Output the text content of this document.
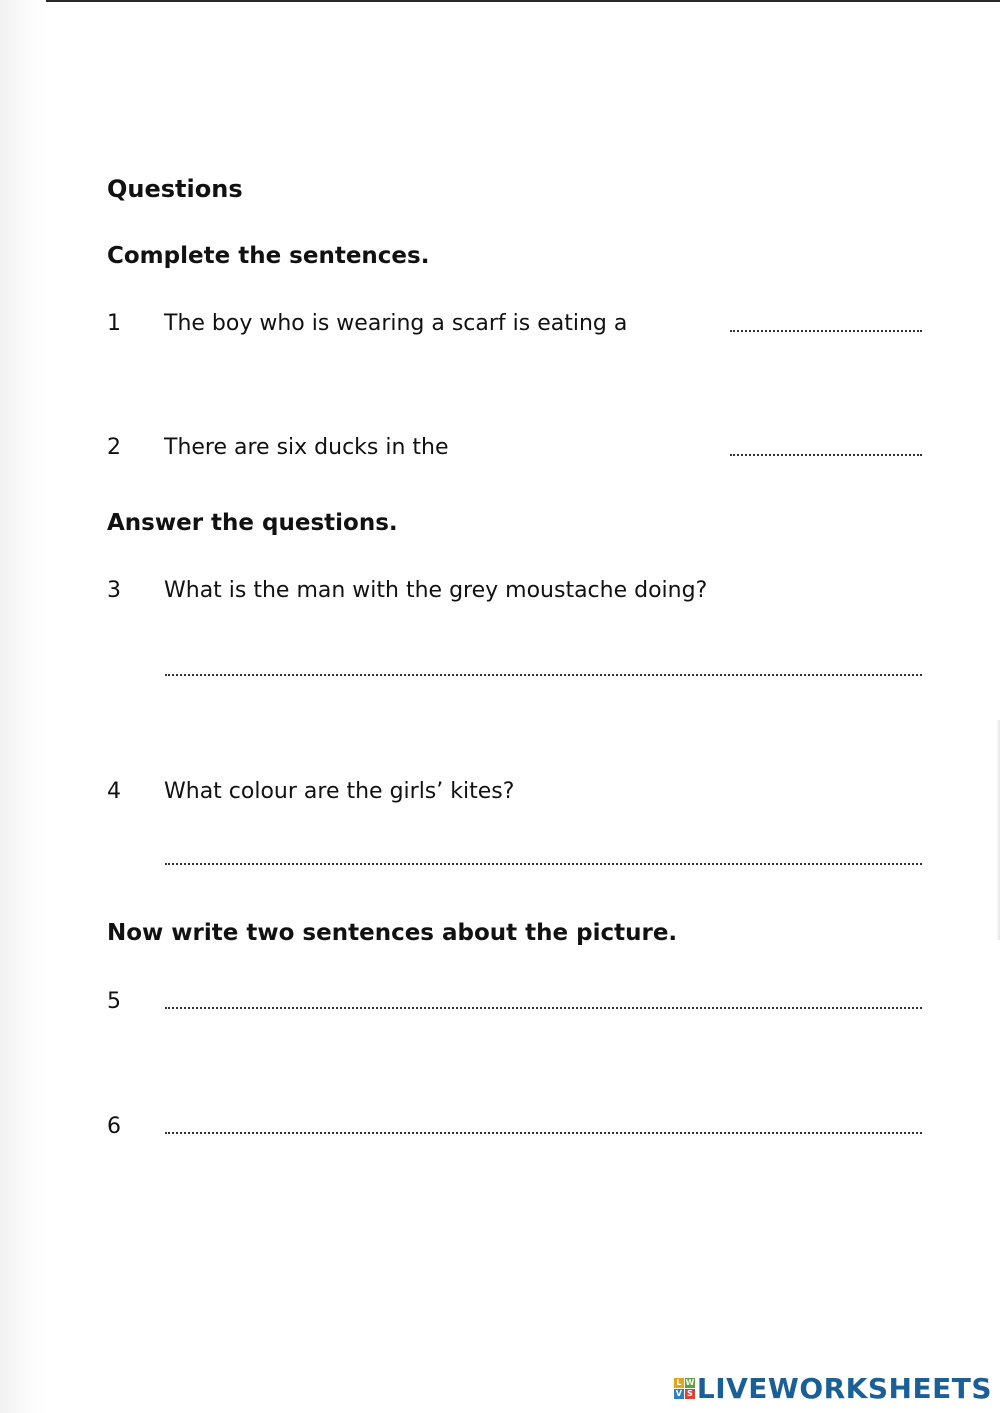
Questions
Complete the sentences.
1 The boy who is wearing a scarf is eating a
2 There are six ducks in the
Answer the questions.
3 What is the man with the grey moustache doing?
4 What colour are the girls’ kites?
Now write two sentences about the picture.
5
6
L W
V S LIVEWORKSHEETS
